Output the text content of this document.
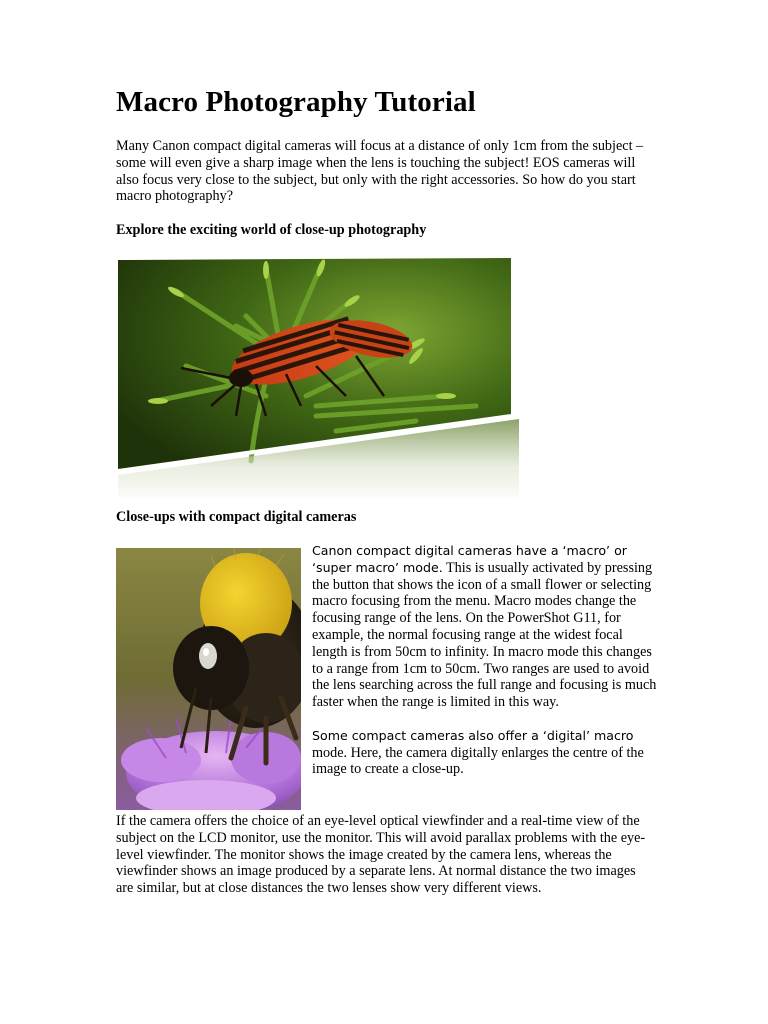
Macro Photography Tutorial

Many Canon compact digital cameras will focus at a distance of only 1cm from the subject – some will even give a sharp image when the lens is touching the subject! EOS cameras will also focus very close to the subject, but only with the right accessories. So how do you start macro photography?

Explore the exciting world of close-up photography
Close-ups with compact digital cameras

Canon compact digital cameras have a ‘macro’ or ‘super macro’ mode. This is usually activated by pressing the button that shows the icon of a small flower or selecting macro focusing from the menu. Macro modes change the focusing range of the lens. On the PowerShot G11, for example, the normal focusing range at the widest focal length is from 50cm to infinity. In macro mode this changes to a range from 1cm to 50cm. Two ranges are used to avoid the lens searching across the full range and focusing is much faster when the range is limited in this way.

Some compact cameras also offer a ‘digital’ macro mode. Here, the camera digitally enlarges the centre of the image to create a close-up.

If the camera offers the choice of an eye-level optical viewfinder and a real-time view of the subject on the LCD monitor, use the monitor. This will avoid parallax problems with the eye-level viewfinder. The monitor shows the image created by the camera lens, whereas the viewfinder shows an image produced by a separate lens. At normal distance the two images are similar, but at close distances the two lenses show very different views.
